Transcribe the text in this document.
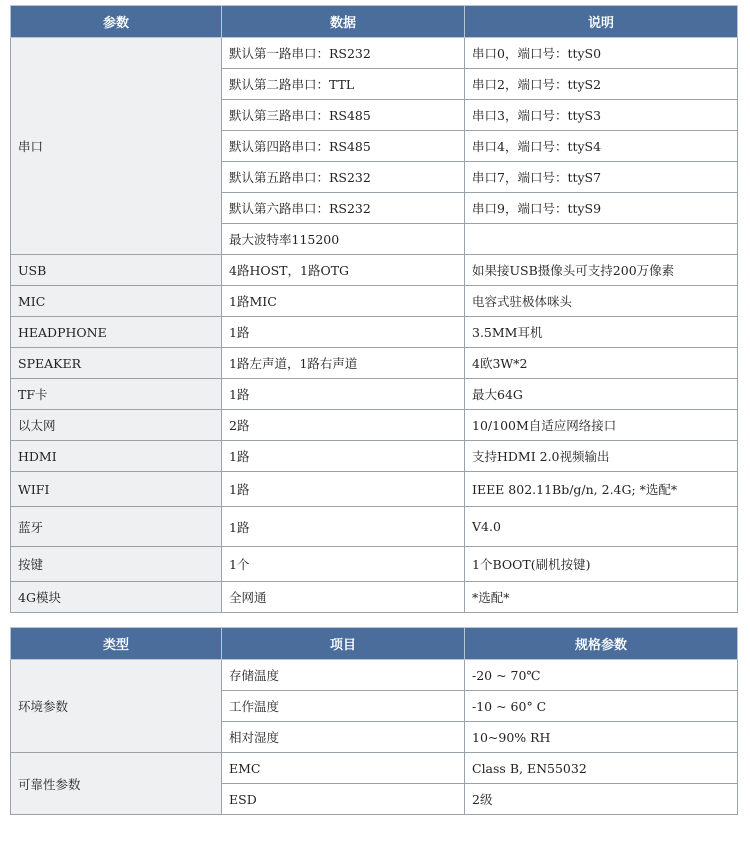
参数	数据	说明
串口	默认第一路串口：RS232	串口0，端口号：ttyS0
	默认第二路串口：TTL	串口2，端口号：ttyS2
	默认第三路串口：RS485	串口3，端口号：ttyS3
	默认第四路串口：RS485	串口4，端口号：ttyS4
	默认第五路串口：RS232	串口7，端口号：ttyS7
	默认第六路串口：RS232	串口9，端口号：ttyS9
	最大波特率115200	
USB	4路HOST，1路OTG	如果接USB摄像头可支持200万像素
MIC	1路MIC	电容式驻极体咪头
HEADPHONE	1路	3.5MM耳机
SPEAKER	1路左声道，1路右声道	4欧3W*2
TF卡	1路	最大64G
以太网	2路	10/100M自适应网络接口
HDMI	1路	支持HDMI 2.0视频输出
WIFI	1路	IEEE 802.11Bb/g/n, 2.4G; *选配*
蓝牙	1路	V4.0
按键	1个	1个BOOT(刷机按键)
4G模块	全网通	*选配*
类型	项目	规格参数
环境参数	存储温度	-20 ~ 70℃
	工作温度	-10 ~ 60° C
	相对湿度	10~90% RH
可靠性参数	EMC	Class B, EN55032
	ESD	2级
